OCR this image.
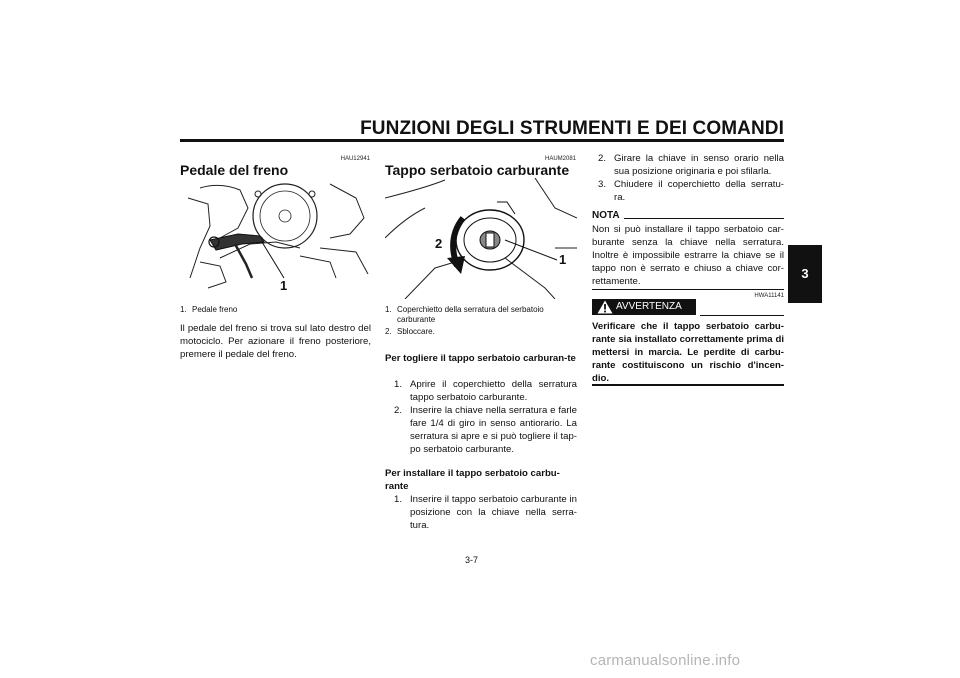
FUNZIONI DEGLI STRUMENTI E DEI COMANDI
3
HAU12941
Pedale del freno
1
1. Pedale freno
Il pedale del freno si trova sul lato destro del motociclo. Per azionare il freno posteriore, premere il pedale del freno.
HAUM2081
Tappo serbatoio carburante
2
1
1. Coperchietto della serratura del serbatoio carburante
2. Sbloccare.
Per togliere il tappo serbatoio carburan-te
1. Aprire il coperchietto della serratura tappo serbatoio carburante.
2. Inserire la chiave nella serratura e farle fare 1/4 di giro in senso antiorario. La serratura si apre e si può togliere il tap-po serbatoio carburante.
Per installare il tappo serbatoio carbu-rante
1. Inserire il tappo serbatoio carburante in posizione con la chiave nella serra-tura.
2. Girare la chiave in senso orario nella sua posizione originaria e poi sfilarla.
3. Chiudere il coperchietto della serratu-ra.
NOTA
Non si può installare il tappo serbatoio car-burante senza la chiave nella serratura. Inoltre è impossibile estrarre la chiave se il tappo non è serrato e chiuso a chiave cor-rettamente.
HWA11141
AVVERTENZA
Verificare che il tappo serbatoio carbu-rante sia installato correttamente prima di mettersi in marcia. Le perdite di carbu-rante costituiscono un rischio d'incen-dio.
3-7
carmanualsonline.info
